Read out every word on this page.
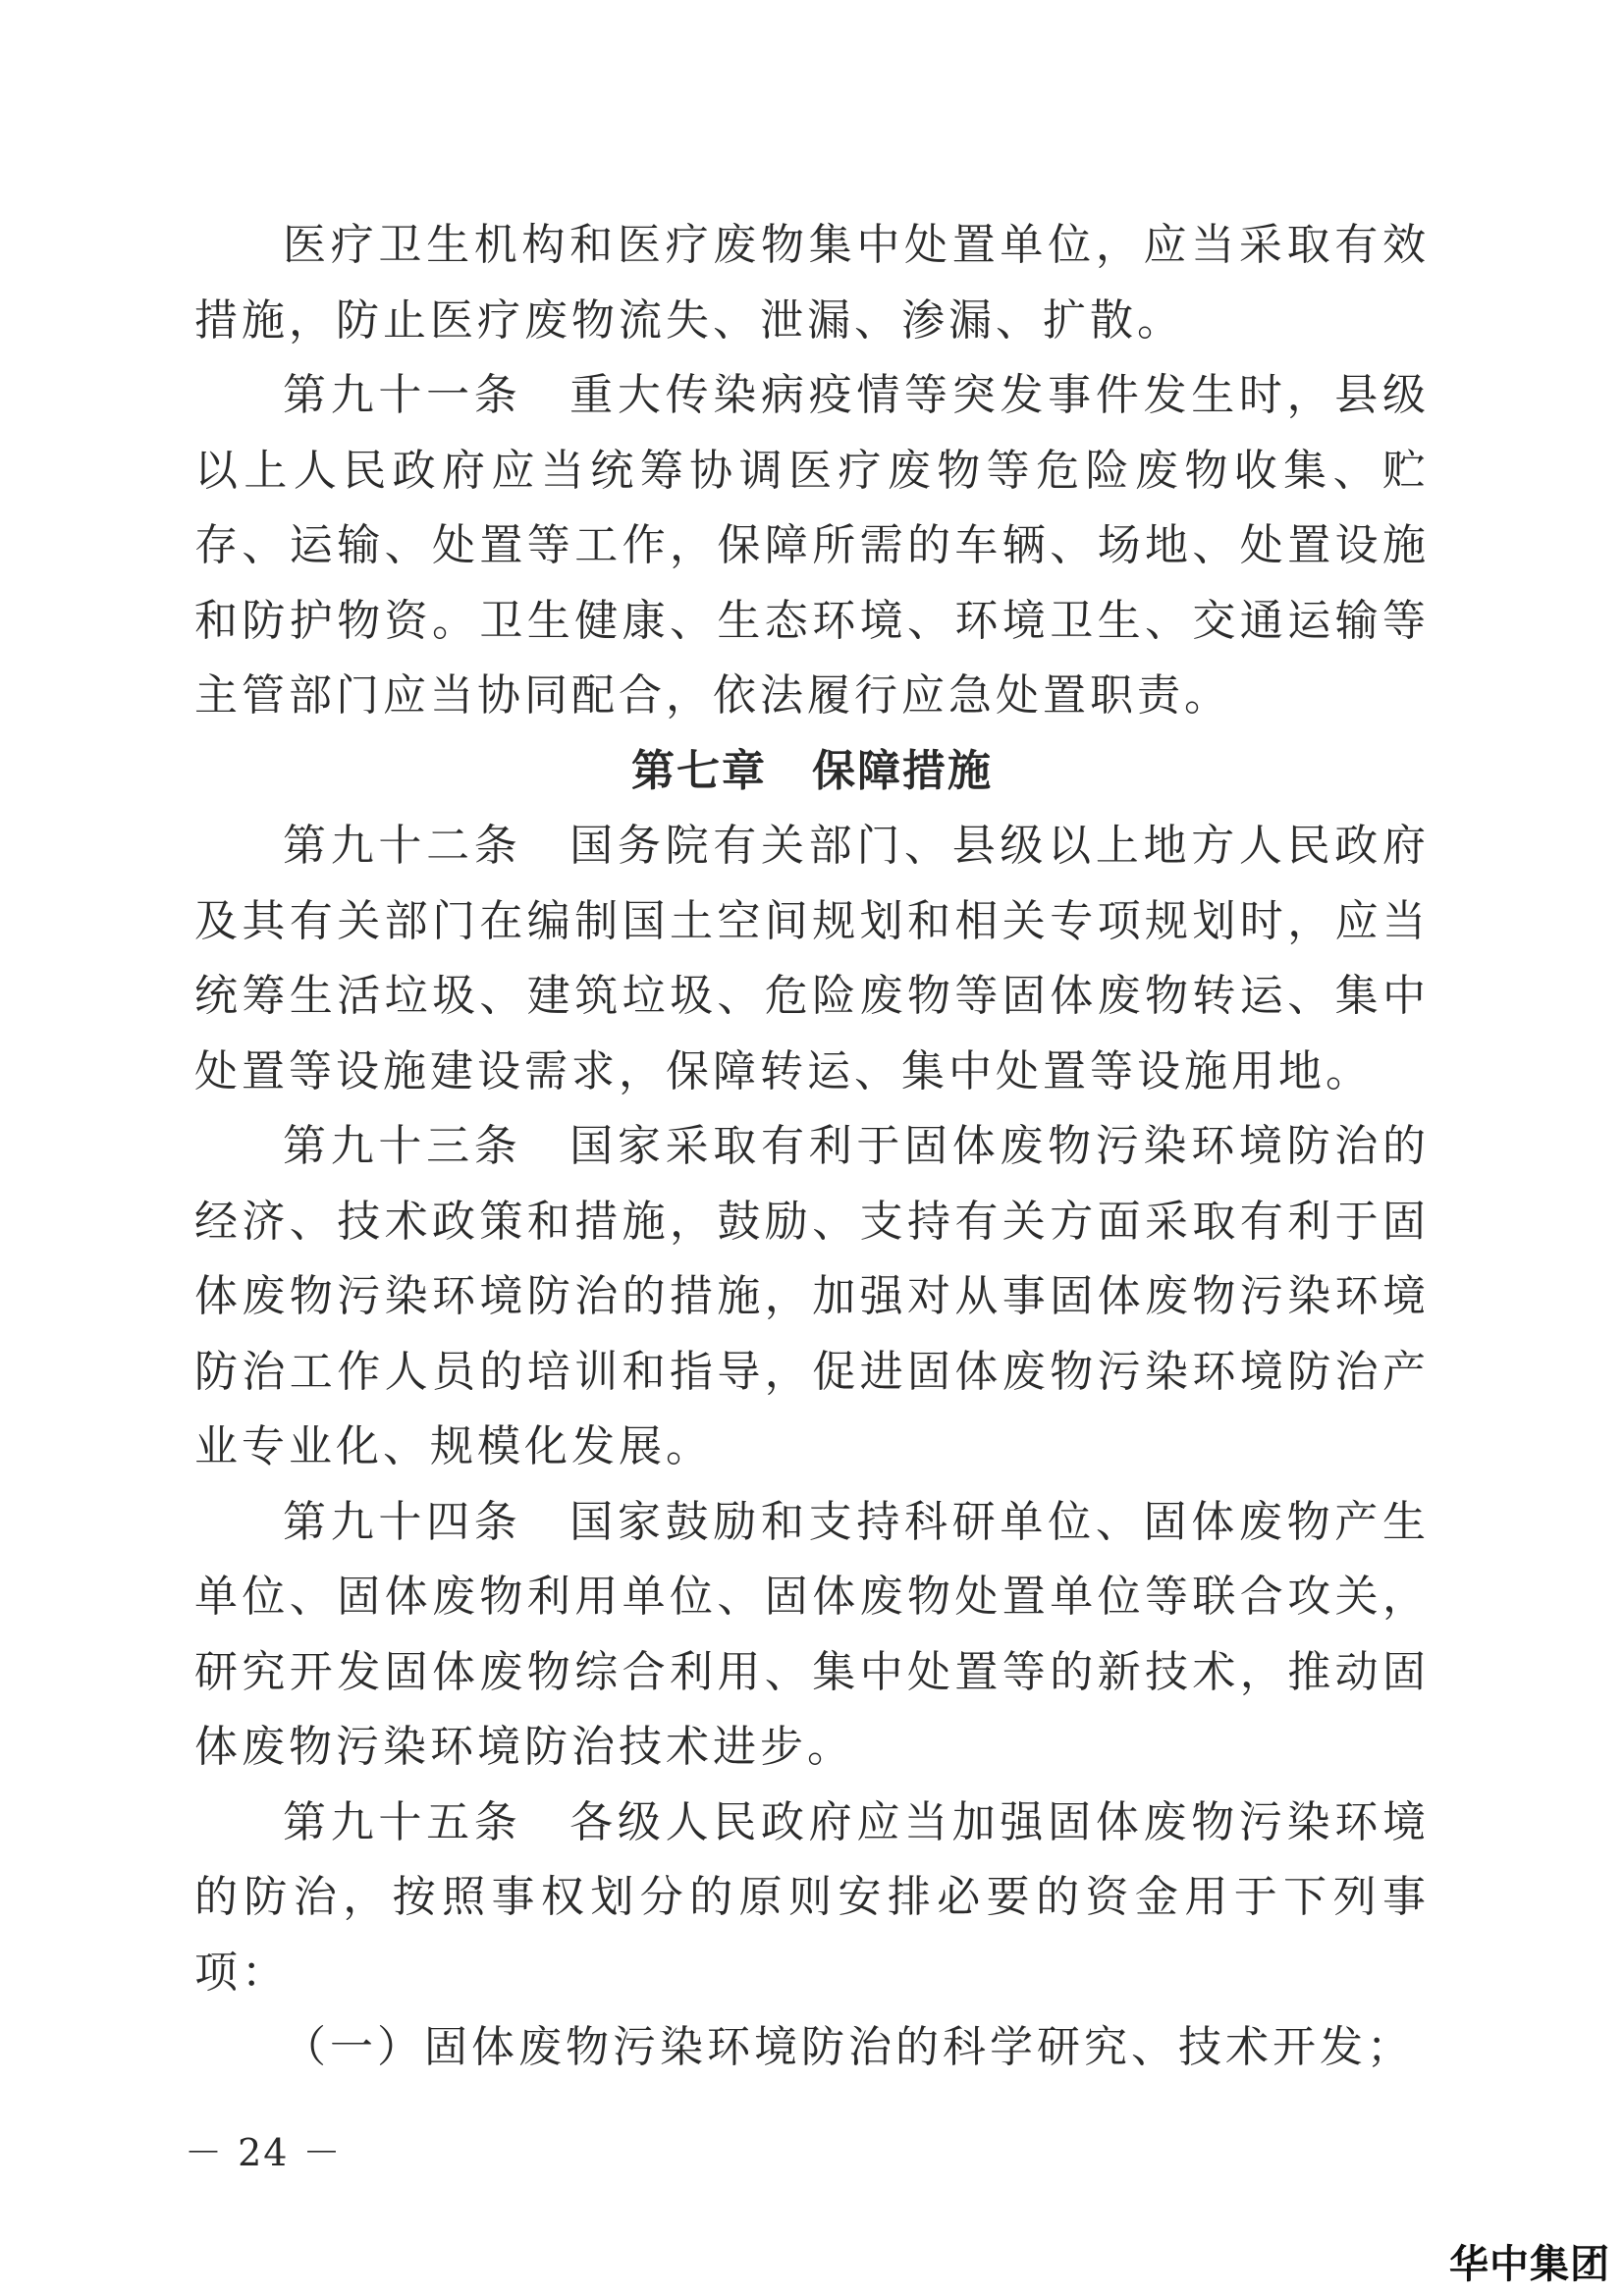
医疗卫生机构和医疗废物集中处置单位，应当采取有效措施，防止医疗废物流失、泄漏、渗漏、扩散。

第九十一条　重大传染病疫情等突发事件发生时，县级以上人民政府应当统筹协调医疗废物等危险废物收集、贮存、运输、处置等工作，保障所需的车辆、场地、处置设施和防护物资。卫生健康、生态环境、环境卫生、交通运输等主管部门应当协同配合，依法履行应急处置职责。

第七章　保障措施

第九十二条　国务院有关部门、县级以上地方人民政府及其有关部门在编制国土空间规划和相关专项规划时，应当统筹生活垃圾、建筑垃圾、危险废物等固体废物转运、集中处置等设施建设需求，保障转运、集中处置等设施用地。

第九十三条　国家采取有利于固体废物污染环境防治的经济、技术政策和措施，鼓励、支持有关方面采取有利于固体废物污染环境防治的措施，加强对从事固体废物污染环境防治工作人员的培训和指导，促进固体废物污染环境防治产业专业化、规模化发展。

第九十四条　国家鼓励和支持科研单位、固体废物产生单位、固体废物利用单位、固体废物处置单位等联合攻关，研究开发固体废物综合利用、集中处置等的新技术，推动固体废物污染环境防治技术进步。

第九十五条　各级人民政府应当加强固体废物污染环境的防治，按照事权划分的原则安排必要的资金用于下列事项：

（一）固体废物污染环境防治的科学研究、技术开发；

－ 24 －
华中集团
